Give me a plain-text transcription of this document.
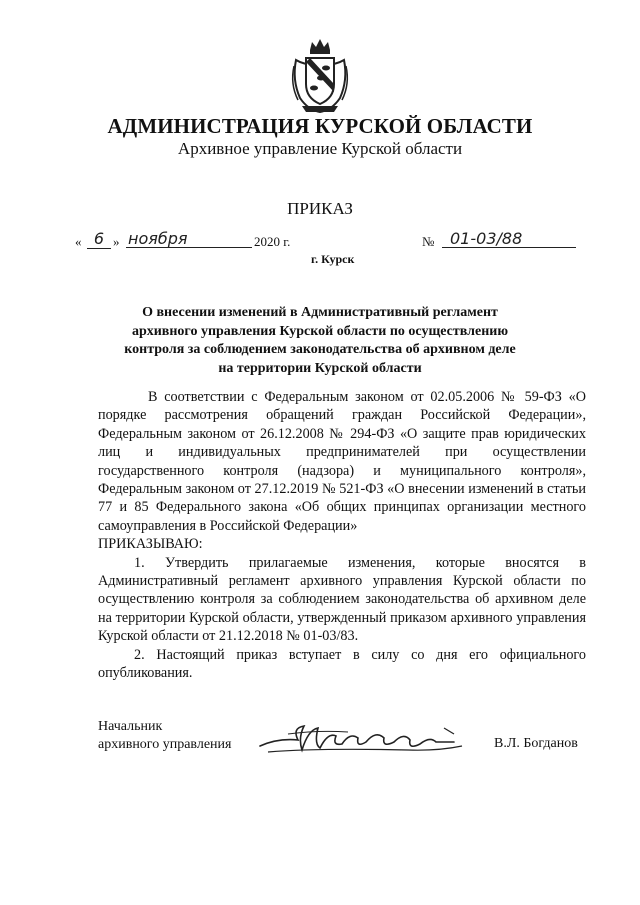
АДМИНИСТРАЦИЯ КУРСКОЙ ОБЛАСТИ
Архивное управление Курской области
ПРИКАЗ
« 6 » ноября	2020 г.	№ 01-03/88
г. Курск
О внесении изменений в Административный регламент архивного управления Курской области по осуществлению контроля за соблюдением законодательства об архивном деле на территории Курской области

В соответствии с Федеральным законом от 02.05.2006 № 59-ФЗ «О порядке рассмотрения обращений граждан Российской Федерации», Федеральным законом от 26.12.2008 № 294-ФЗ «О защите прав юридических лиц и индивидуальных предпринимателей при осуществлении государственного контроля (надзора) и муниципального контроля», Федеральным законом от 27.12.2019 № 521-ФЗ «О внесении изменений в статьи 77 и 85 Федерального закона «Об общих принципах организации местного самоуправления в Российской Федерации»

ПРИКАЗЫВАЮ:

1. Утвердить прилагаемые изменения, которые вносятся в Административный регламент архивного управления Курской области по осуществлению контроля за соблюдением законодательства об архивном деле на территории Курской области, утвержденный приказом архивного управления Курской области от 21.12.2018 № 01-03/83.

2. Настоящий приказ вступает в силу со дня его официального опубликования.

Начальник
архивного управления	В.Л. Богданов
